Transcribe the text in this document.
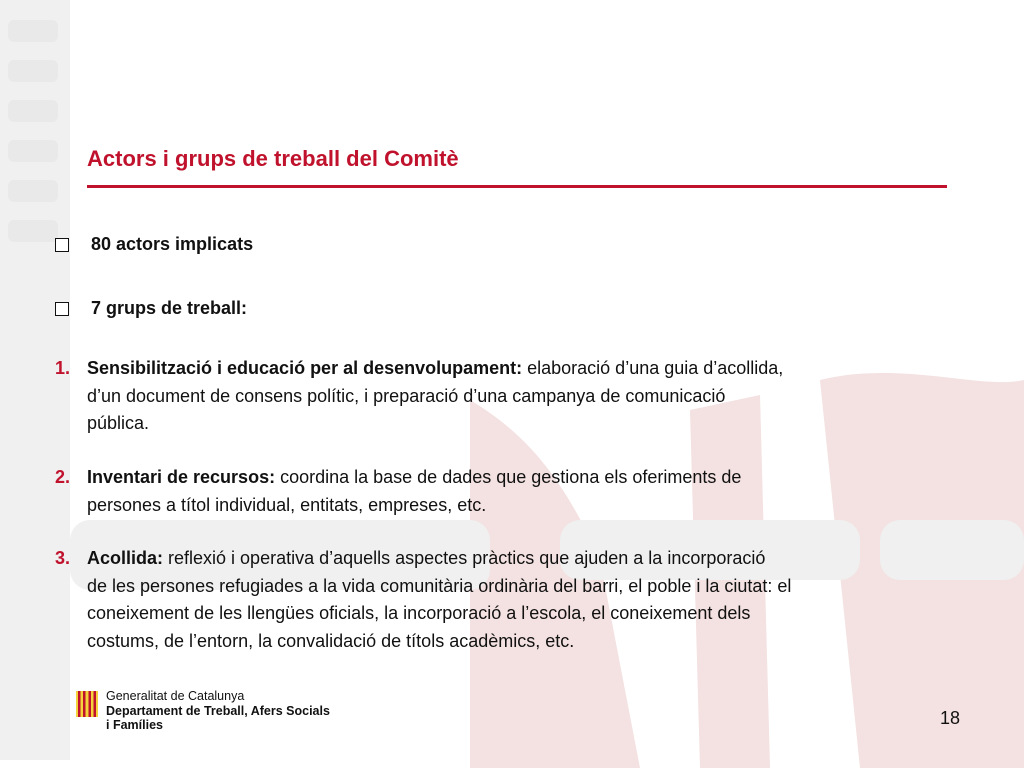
Actors i grups de treball del Comitè
80 actors implicats
7 grups de treball:
1. Sensibilització i educació per al desenvolupament: elaboració d’una guia d’acollida,
d’un document de consens polític, i preparació d’una campanya de comunicació
pública.
2. Inventari de recursos: coordina la base de dades que gestiona els oferiments de
persones a títol individual, entitats, empreses, etc.
3. Acollida: reflexió i operativa d’aquells aspectes pràctics que ajuden a la incorporació
de les persones refugiades a la vida comunitària ordinària del barri, el poble i la ciutat: el
coneixement de les llengües oficials, la incorporació a l’escola, el coneixement dels
costums, de l’entorn, la convalidació de títols acadèmics, etc.
Generalitat de Catalunya
Departament de Treball, Afers Socials
i Famílies	18
